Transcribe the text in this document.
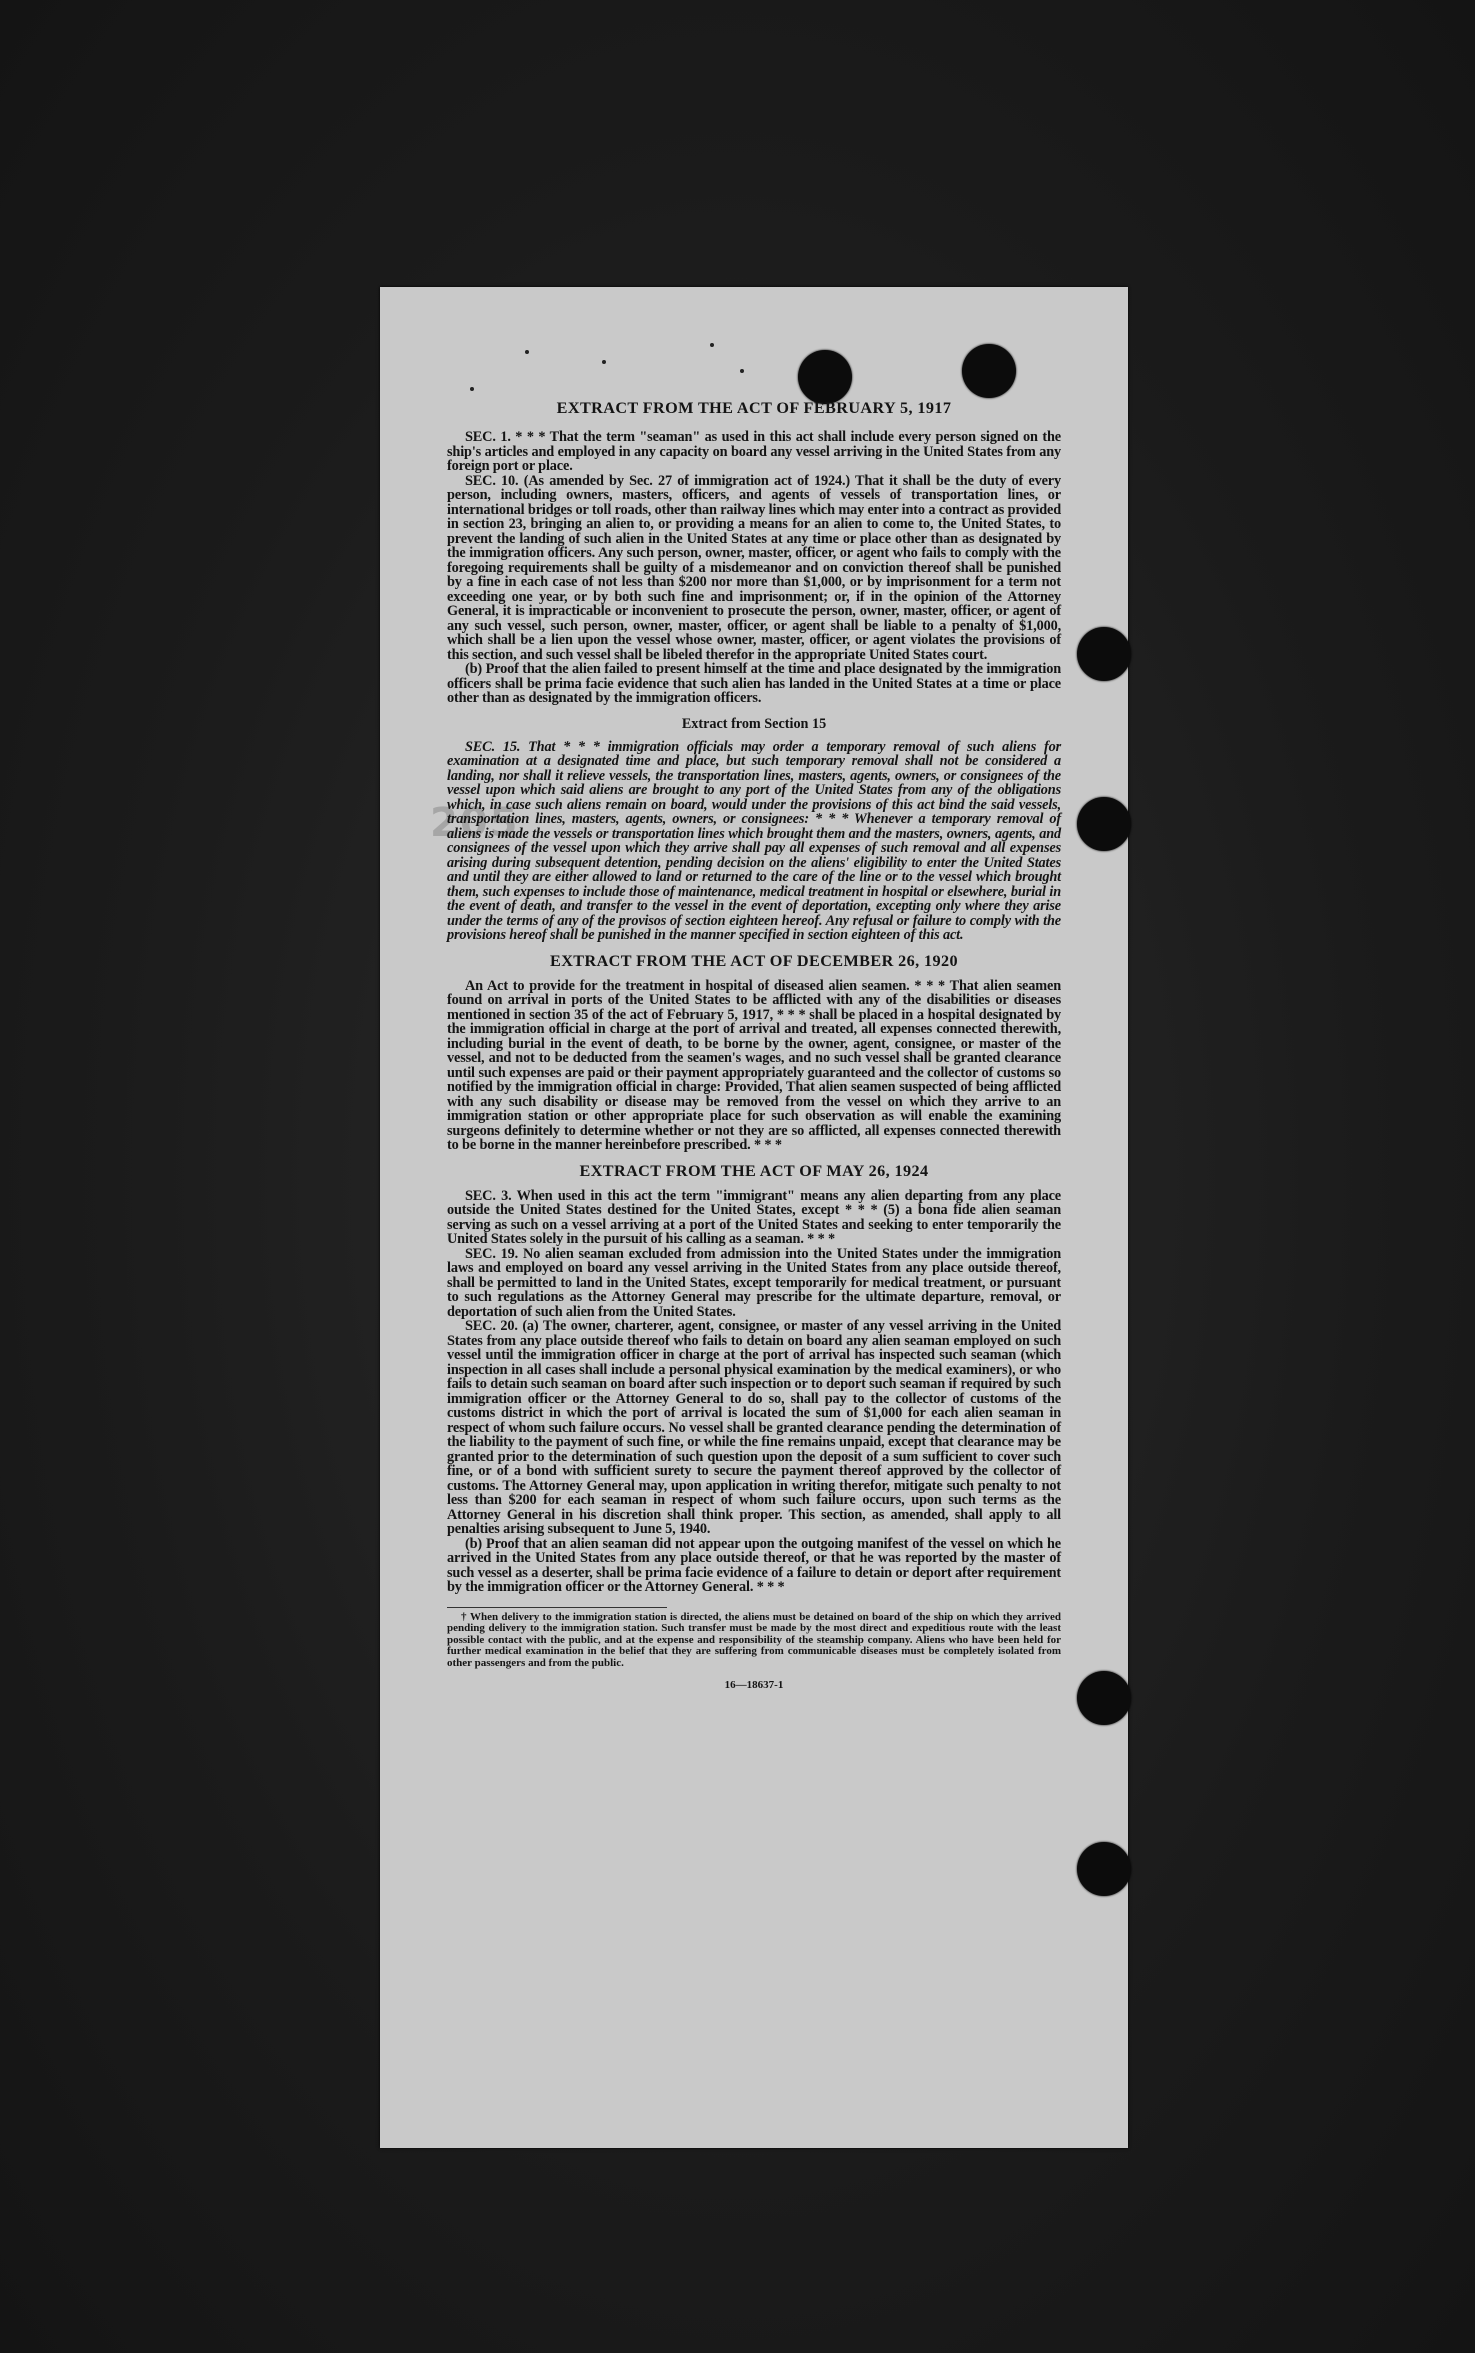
205
EXTRACT FROM THE ACT OF FEBRUARY 5, 1917

SEC. 1. * * * That the term "seaman" as used in this act shall include every person signed on the ship's articles and employed in any capacity on board any vessel arriving in the United States from any foreign port or place.

SEC. 10. (As amended by Sec. 27 of immigration act of 1924.) That it shall be the duty of every person, including owners, masters, officers, and agents of vessels of transportation lines, or international bridges or toll roads, other than railway lines which may enter into a contract as provided in section 23, bringing an alien to, or providing a means for an alien to come to, the United States, to prevent the landing of such alien in the United States at any time or place other than as designated by the immigration officers. Any such person, owner, master, officer, or agent who fails to comply with the foregoing requirements shall be guilty of a misdemeanor and on conviction thereof shall be punished by a fine in each case of not less than $200 nor more than $1,000, or by imprisonment for a term not exceeding one year, or by both such fine and imprisonment; or, if in the opinion of the Attorney General, it is impracticable or inconvenient to prosecute the person, owner, master, officer, or agent of any such vessel, such person, owner, master, officer, or agent shall be liable to a penalty of $1,000, which shall be a lien upon the vessel whose owner, master, officer, or agent violates the provisions of this section, and such vessel shall be libeled therefor in the appropriate United States court.

(b) Proof that the alien failed to present himself at the time and place designated by the immigration officers shall be prima facie evidence that such alien has landed in the United States at a time or place other than as designated by the immigration officers.

Extract from Section 15

SEC. 15. That * * * immigration officials may order a temporary removal of such aliens for examination at a designated time and place, but such temporary removal shall not be considered a landing, nor shall it relieve vessels, the transportation lines, masters, agents, owners, or consignees of the vessel upon which said aliens are brought to any port of the United States from any of the obligations which, in case such aliens remain on board, would under the provisions of this act bind the said vessels, transportation lines, masters, agents, owners, or consignees: * * * Whenever a temporary removal of aliens is made the vessels or transportation lines which brought them and the masters, owners, agents, and consignees of the vessel upon which they arrive shall pay all expenses of such removal and all expenses arising during subsequent detention, pending decision on the aliens' eligibility to enter the United States and until they are either allowed to land or returned to the care of the line or to the vessel which brought them, such expenses to include those of maintenance, medical treatment in hospital or elsewhere, burial in the event of death, and transfer to the vessel in the event of deportation, excepting only where they arise under the terms of any of the provisos of section eighteen hereof. Any refusal or failure to comply with the provisions hereof shall be punished in the manner specified in section eighteen of this act.

EXTRACT FROM THE ACT OF DECEMBER 26, 1920

An Act to provide for the treatment in hospital of diseased alien seamen. * * * That alien seamen found on arrival in ports of the United States to be afflicted with any of the disabilities or diseases mentioned in section 35 of the act of February 5, 1917, * * * shall be placed in a hospital designated by the immigration official in charge at the port of arrival and treated, all expenses connected therewith, including burial in the event of death, to be borne by the owner, agent, consignee, or master of the vessel, and not to be deducted from the seamen's wages, and no such vessel shall be granted clearance until such expenses are paid or their payment appropriately guaranteed and the collector of customs so notified by the immigration official in charge: Provided, That alien seamen suspected of being afflicted with any such disability or disease may be removed from the vessel on which they arrive to an immigration station or other appropriate place for such observation as will enable the examining surgeons definitely to determine whether or not they are so afflicted, all expenses connected therewith to be borne in the manner hereinbefore prescribed. * * *

EXTRACT FROM THE ACT OF MAY 26, 1924

SEC. 3. When used in this act the term "immigrant" means any alien departing from any place outside the United States destined for the United States, except * * * (5) a bona fide alien seaman serving as such on a vessel arriving at a port of the United States and seeking to enter temporarily the United States solely in the pursuit of his calling as a seaman. * * *

SEC. 19. No alien seaman excluded from admission into the United States under the immigration laws and employed on board any vessel arriving in the United States from any place outside thereof, shall be permitted to land in the United States, except temporarily for medical treatment, or pursuant to such regulations as the Attorney General may prescribe for the ultimate departure, removal, or deportation of such alien from the United States.

SEC. 20. (a) The owner, charterer, agent, consignee, or master of any vessel arriving in the United States from any place outside thereof who fails to detain on board any alien seaman employed on such vessel until the immigration officer in charge at the port of arrival has inspected such seaman (which inspection in all cases shall include a personal physical examination by the medical examiners), or who fails to detain such seaman on board after such inspection or to deport such seaman if required by such immigration officer or the Attorney General to do so, shall pay to the collector of customs of the customs district in which the port of arrival is located the sum of $1,000 for each alien seaman in respect of whom such failure occurs. No vessel shall be granted clearance pending the determination of the liability to the payment of such fine, or while the fine remains unpaid, except that clearance may be granted prior to the determination of such question upon the deposit of a sum sufficient to cover such fine, or of a bond with sufficient surety to secure the payment thereof approved by the collector of customs. The Attorney General may, upon application in writing therefor, mitigate such penalty to not less than $200 for each seaman in respect of whom such failure occurs, upon such terms as the Attorney General in his discretion shall think proper. This section, as amended, shall apply to all penalties arising subsequent to June 5, 1940.

(b) Proof that an alien seaman did not appear upon the outgoing manifest of the vessel on which he arrived in the United States from any place outside thereof, or that he was reported by the master of such vessel as a deserter, shall be prima facie evidence of a failure to detain or deport after requirement by the immigration officer or the Attorney General. * * *

† When delivery to the immigration station is directed, the aliens must be detained on board of the ship on which they arrived pending delivery to the immigration station. Such transfer must be made by the most direct and expeditious route with the least possible contact with the public, and at the expense and responsibility of the steamship company. Aliens who have been held for further medical examination in the belief that they are suffering from communicable diseases must be completely isolated from other passengers and from the public.

16—18637-1
